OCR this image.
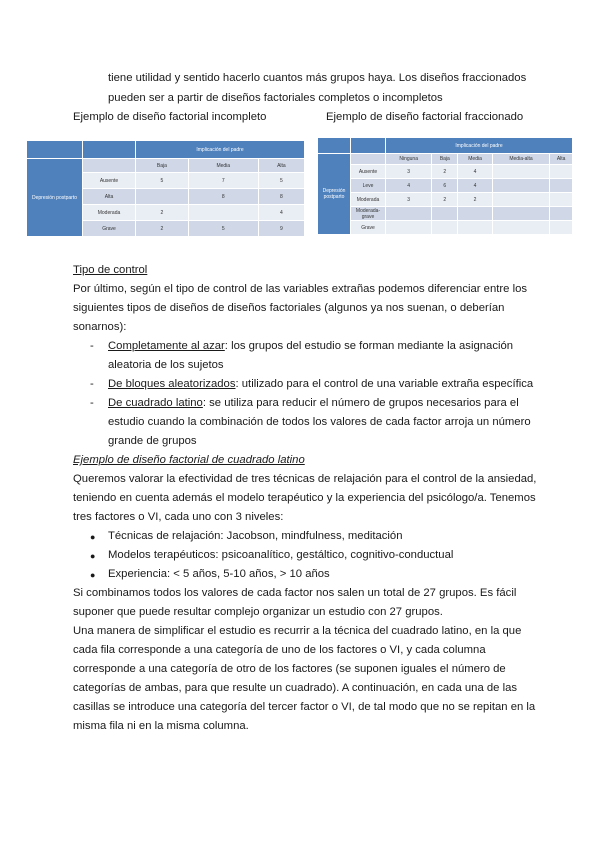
tiene utilidad y sentido hacerlo cuantos más grupos haya. Los diseños fraccionados
pueden ser a partir de diseños factoriales completos o incompletos
Ejemplo de diseño factorial incompleto	Ejemplo de diseño factorial fraccionado
		Implicación del padre		
Depresión postparto		Baja	Media	Alta
	Ausente	5	7	5
	Alta		8	8
	Moderada	2		4
	Grave	2	5	9
		Implicación del padre				
Depresión postparto		Ninguna	Baja	Media	Media-alta	Alta
	Ausente	3	2	4		
	Leve	4	6	4		
	Moderada	3	2	2		
	Moderada-grave					
	Grave					
Tipo de control
Por último, según el tipo de control de las variables extrañas podemos diferenciar entre los
siguientes tipos de diseños de diseños factoriales (algunos ya nos suenan, o deberían
sonarnos):
- Completamente al azar: los grupos del estudio se forman mediante la asignación
aleatoria de los sujetos
- De bloques aleatorizados: utilizado para el control de una variable extraña específica
- De cuadrado latino: se utiliza para reducir el número de grupos necesarios para el
estudio cuando la combinación de todos los valores de cada factor arroja un número
grande de grupos
Ejemplo de diseño factorial de cuadrado latino
Queremos valorar la efectividad de tres técnicas de relajación para el control de la ansiedad,
teniendo en cuenta además el modelo terapéutico y la experiencia del psicólogo/a. Tenemos
tres factores o VI, cada uno con 3 niveles:
● Técnicas de relajación: Jacobson, mindfulness, meditación
● Modelos terapéuticos: psicoanalítico, gestáltico, cognitivo-conductual
● Experiencia: < 5 años, 5-10 años, > 10 años
Si combinamos todos los valores de cada factor nos salen un total de 27 grupos. Es fácil
suponer que puede resultar complejo organizar un estudio con 27 grupos.
Una manera de simplificar el estudio es recurrir a la técnica del cuadrado latino, en la que
cada fila corresponde a una categoría de uno de los factores o VI, y cada columna
corresponde a una categoría de otro de los factores (se suponen iguales el número de
categorías de ambas, para que resulte un cuadrado). A continuación, en cada una de las
casillas se introduce una categoría del tercer factor o VI, de tal modo que no se repitan en la
misma fila ni en la misma columna.
